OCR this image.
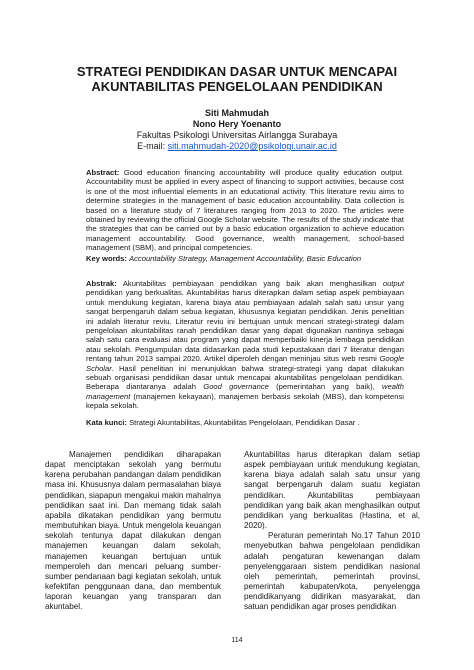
STRATEGI PENDIDIKAN DASAR UNTUK MENCAPAI
AKUNTABILITAS PENGELOLAAN PENDIDIKAN
Siti Mahmudah
Nono Hery Yoenanto
Fakultas Psikologi Universitas Airlangga Surabaya
E-mail: siti.mahmudah-2020@psikologi.unair.ac.id
Abstract: Good education financing accountability will produce quality education output. Accountability must be applied in every aspect of financing to support activities, because cost is one of the most influential elements in an educational activity. This literature reviu aims to determine strategies in the management of basic education accountability. Data collection is based on a literature study of 7 literatures ranging from 2013 to 2020. The articles were obtained by reviewing the official Google Scholar website. The results of the study indicate that the strategies that can be carried out by a basic education organization to achieve education management accountability. Good governance, wealth management, school-based management (SBM), and principal competencies.
Key words: Accountability Strategy, Management Accountability, Basic Education
Abstrak: Akuntabilitas pembiayaan pendidikan yang baik akan menghasilkan output pendidikan yang berkualitas. Akuntabilitas harus diterapkan dalam setiap aspek pembiayaan untuk mendukung kegiatan, karena biaya atau pembiayaan adalah salah satu unsur yang sangat berpengaruh dalam sebua kegiatan, khususnya kegiatan pendidikan. Jenis penelitian ini adalah literatur reviu. Literatur reviu ini bertujuan untuk mencari strategi-strategi dalam pengelolaan akuntabilitas ranah pendidikan dasar yang dapat digunakan nantinya sebagai salah satu cara evaluasi atau program yang dapat memperbaiki kinerja lembaga pendidikan atau sekolah. Pengumpulan data didasarkan pada studi kepustakaan dari 7 literatur dengan rentang tahun 2013 sampai 2020. Artikel diperoleh dengan meninjau situs web resmi Google Scholar. Hasil penelitian ini menunjukkan bahwa strategi-strategi yang dapat dilakukan sebuah organisasi pendidikan dasar untuk mencapai akuntabilitas pengelolaan pendidikan. Beberapa diantaranya adalah Good governance (pemerintahan yang baik), wealth management (manajemen kekayaan), manajemen berbasis sekolah (MBS), dan kompetensi kepala sekolah.
Kata kunci: Strategi Akuntabilitas, Akuntabilitas Pengelolaan, Pendidikan Dasar .

Manajemen pendidikan diharapakan dapat menciptakan sekolah yang bermutu karena perubahan pandangan dalam pendidikan masa ini. Khususnya dalam permasalahan biaya pendidikan, siapapun mengakui makin mahalnya pendidikan saat ini. Dan memang tidak salah apabila dikatakan pendidikan yang bermutu membutuhkan biaya. Untuk mengelola keuangan sekolah tentunya dapat dilakukan dengan manajemen keuangan dalam sekolah, manajemen keuangan bertujuan untuk memperoleh dan mencari peluang sumber-sumber pendanaan bagi kegiatan sekolah, untuk kefektifan penggunaan dana, dan membentuk laporan keuangan yang transparan dan akuntabel.

Akuntabilitas harus diterapkan dalam setiap aspek pembiayaan untuk mendukung kegiatan, karena biaya adalah salah satu unsur yang sangat berpengaruh dalam suatu kegiatan pendidikan. Akuntabilitas pembiayaan pendidikan yang baik akan menghasilkan output pendidikan yang berkualitas (Hastina, et al, 2020).

Peraturan pemerintah No.17 Tahun 2010 menyebutkan bahwa pengelolaan pendidikan adalah pengaturan kewenangan dalam penyelenggaraan sistem pendidikan nasional oleh pemerintah, pemerintah provinsi, pemerintah kabupaten/kota, penyelengga pendidikanyang didirikan masyarakat, dan satuan pendidikan agar proses pendidikan

114
